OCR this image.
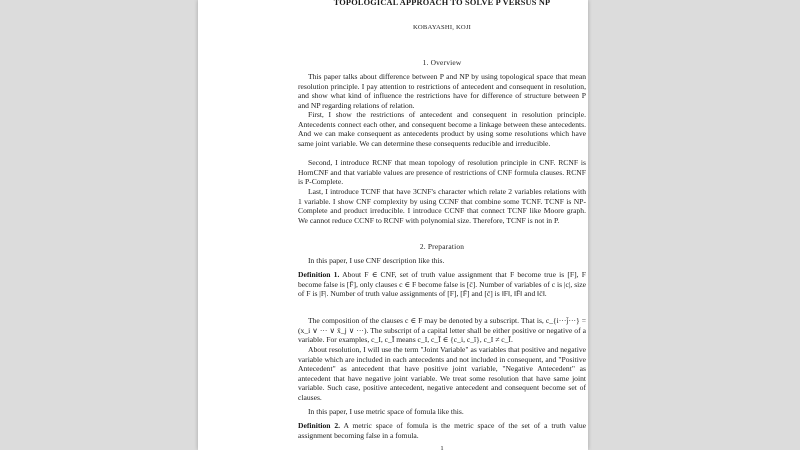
TOPOLOGICAL APPROACH TO SOLVE P VERSUS NP
KOBAYASHI, KOJI
1. Overview
This paper talks about difference between P and NP by using topological space that mean resolution principle. I pay attention to restrictions of antecedent and consequent in resolution, and show what kind of influence the restrictions have for difference of structure between P and NP regarding relations of relation.
First, I show the restrictions of antecedent and consequent in resolution principle. Antecedents connect each other, and consequent become a linkage between these antecedents. And we can make consequent as antecedents product by using some resolutions which have same joint variable. We can determine these consequents reducible and irreducible.
Second, I introduce RCNF that mean topology of resolution principle in CNF. RCNF is HornCNF and that variable values are presence of restrictions of CNF formula clauses. RCNF is P-Complete.
Last, I introduce TCNF that have 3CNF's character which relate 2 variables relations with 1 variable. I show CNF complexity by using CCNF that combine some TCNF. TCNF is NP-Complete and product irreducible. I introduce CCNF that connect TCNF like Moore graph. We cannot reduce CCNF to RCNF with polynomial size. Therefore, TCNF is not in P.
2. Preparation
In this paper, I use CNF description like this.
Definition 1. About F ∈ CNF, set of truth value assignment that F become true is [F], F become false is [F̄], only clauses c ∈ F become false is [c̄]. Number of variables of c is |c|, size of F is |F|. Number of truth value assignments of [F], [F̄] and [c̄] is ‖F‖, ‖F̄‖ and ‖c̄‖.
The composition of the clauses c ∈ F may be denoted by a subscript. That is, c_{i···j̄···} = (x_i ∨ ··· ∨ x̄_j ∨ ···). The subscript of a capital letter shall be either positive or negative of a variable. For examples, c_I, c_Ī means c_I, c_Ī ∈ {c_i, c_ī}, c_I ≠ c_Ī.
About resolution, I will use the term "Joint Variable" as variables that positive and negative variable which are included in each antecedents and not included in consequent, and "Positive Antecedent" as antecedent that have positive joint variable, "Negative Antecedent" as antecedent that have negative joint variable. We treat some resolution that have same joint variable. Such case, positive antecedent, negative antecedent and consequent become set of clauses.
In this paper, I use metric space of fomula like this.
Definition 2. A metric space of fomula is the metric space of the set of a truth value assignment becoming false in a fomula.
1
